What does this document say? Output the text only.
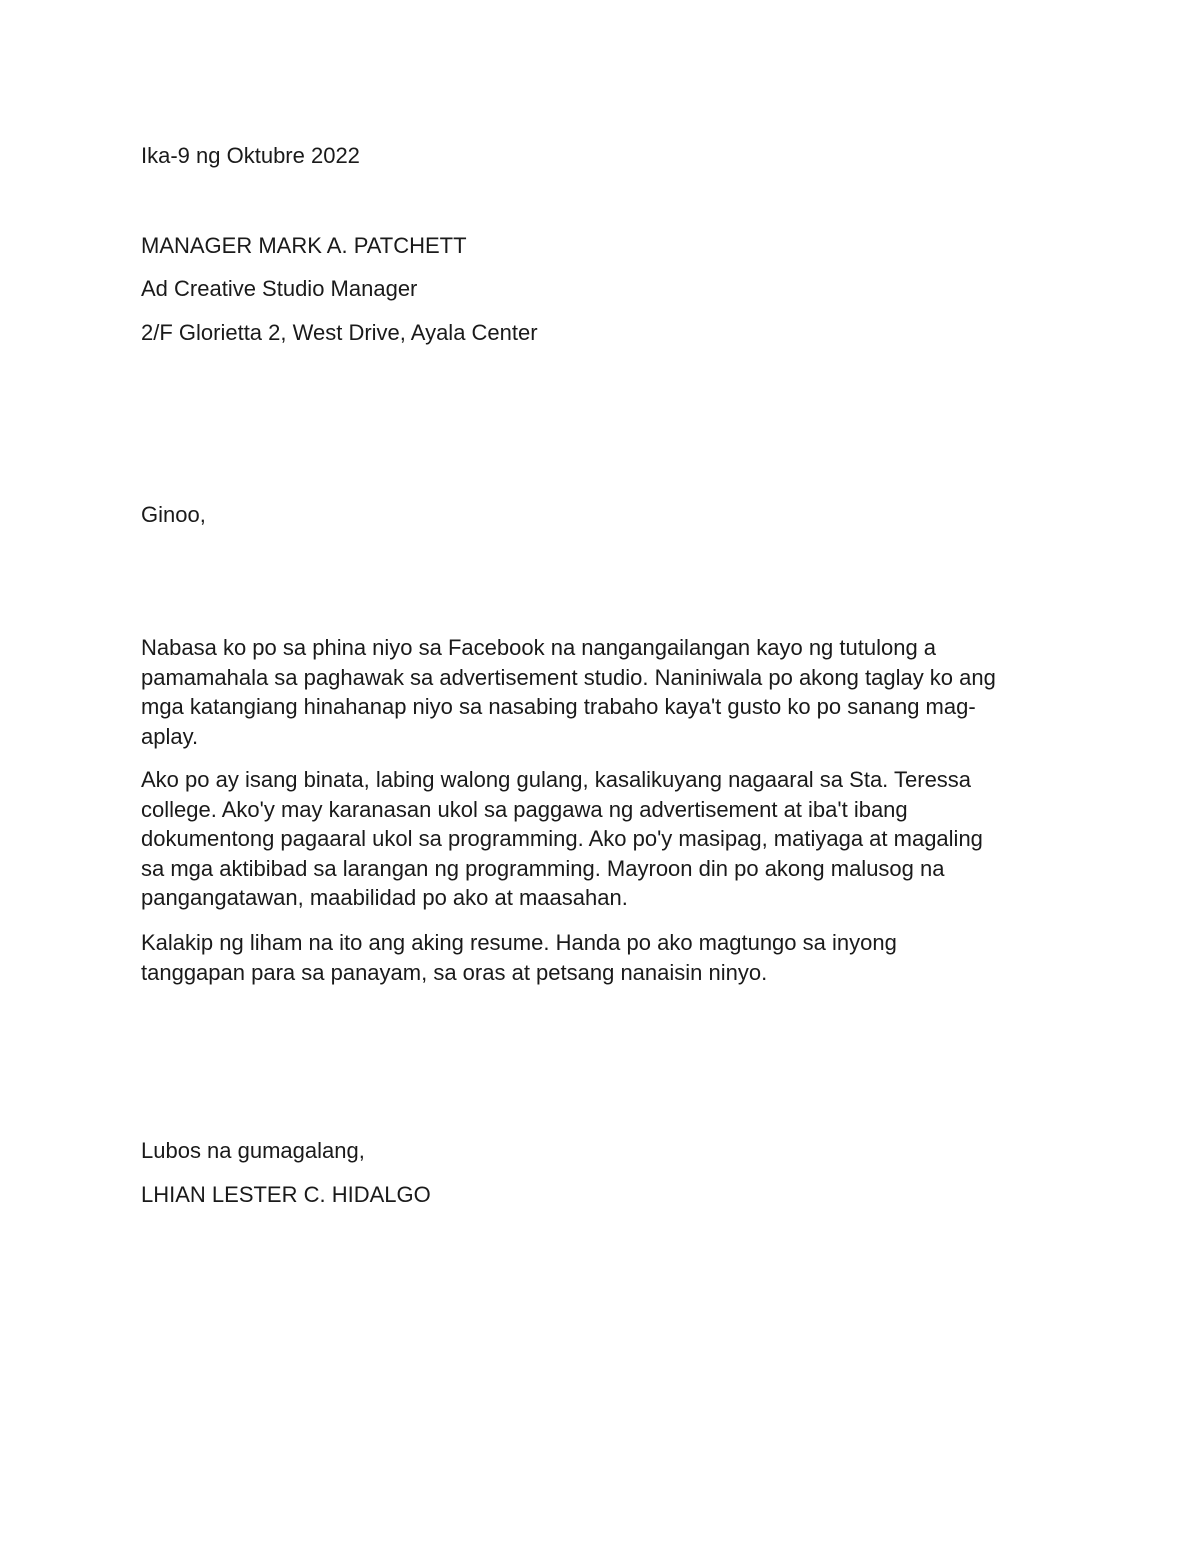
Ika-9 ng Oktubre 2022

MANAGER MARK A. PATCHETT

Ad Creative Studio Manager

2/F Glorietta 2, West Drive, Ayala Center

Ginoo,

Nabasa ko po sa phina niyo sa Facebook na nangangailangan kayo ng tutulong a
pamamahala sa paghawak sa advertisement studio. Naniniwala po akong taglay ko ang
mga katangiang hinahanap niyo sa nasabing trabaho kaya't gusto ko po sanang mag-
aplay.
Ako po ay isang binata, labing walong gulang, kasalikuyang nagaaral sa Sta. Teressa
college. Ako'y may karanasan ukol sa paggawa ng advertisement at iba't ibang
dokumentong pagaaral ukol sa programming. Ako po'y masipag, matiyaga at magaling
sa mga aktibibad sa larangan ng programming. Mayroon din po akong malusog na
pangangatawan, maabilidad po ako at maasahan.
Kalakip ng liham na ito ang aking resume. Handa po ako magtungo sa inyong
tanggapan para sa panayam, sa oras at petsang nanaisin ninyo.

Lubos na gumagalang,

LHIAN LESTER C. HIDALGO
